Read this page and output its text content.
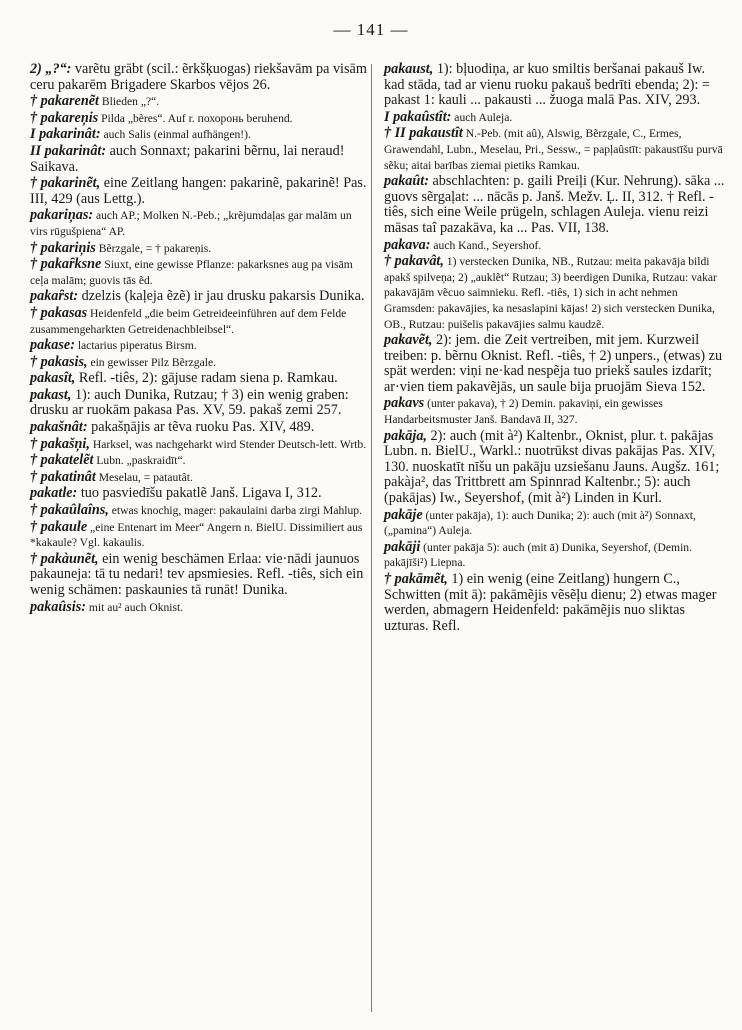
— 141 —
2) „?“: varẽtu grābt (scil.: ẽrkšķuogas) riekšavām pa visām ceru pakarēm Brigadere Skarbos vējos 26.
† pakarenẽt Blieden „?“.
† pakareņis Pilda „bẽres“. Auf r. похоронь beruhend.
I pakarinât: auch Salis (einmal aufhängen!).
II pakarinât: auch Sonnaxt; pakarini bẽrnu, lai neraud! Saikava.
† pakarinẽt, eine Zeitlang hangen: pakarinẽ, pakarinẽ! Pas. III, 429 (aus Lettg.).
pakariņas: auch AP.; Molken N.-Peb.; „krẽjumdaļas gar malām un virs rūgušpiena“ AP.
† pakariņis Bẽrzgale, = † pakareņis.
† pakaȓksne Siuxt, eine gewisse Pflanze: pakarksnes aug pa visām ceļa malām; guovis tās ẽd.
pakaȓst: dzelzis (kaļeja ẽzẽ) ir jau drusku pakarsis Dunika.
† pakasas Heidenfeld „die beim Getreideeinführen auf dem Felde zusammengeharkten Getreidenachbleibsel“.
pakase: lactarius piperatus Birsm.
† pakasis, ein gewisser Pilz Bẽrzgale.
pakasît, Refl. -tiês, 2): gājuse radam siena p. Ramkau.
pakast, 1): auch Dunika, Rutzau; † 3) ein wenig graben: drusku ar ruokām pakasa Pas. XV, 59. pakaš zemi 257.
pakašnât: pakašņājis ar tẽva ruoku Pas. XIV, 489.
† pakašņi, Harksel, was nachgeharkt wird Stender Deutsch-lett. Wrtb.
† pakatelẽt Lubn. „paskraidīt“.
† pakatinât Meselau, = patautât.
pakatle: tuo pasviedīšu pakatlẽ Janš. Ligava I, 312.
† pakaûlaîns, etwas knochig, mager: pakaulaini darba zirgi Mahlup.
† pakaule „eine Entenart im Meer“ Angern n. BielU. Dissimiliert aus *kakaule? Vgl. kakaulis.
† pakàunẽt, ein wenig beschämen Erlaa: vie·nādi jaunuos pakauneja: tā tu nedari! tev apsmiesies. Refl. -tiês, sich ein wenig schämen: paskaunies tā runāt! Dunika.
pakaûsis: mit au² auch Oknist.
pakaust, 1): bļuodiņa, ar kuo smiltis beršanai pakauš Iw. kad stāda, tad ar vienu ruoku pakauš bedrīti ebenda; 2): = pakast 1: kauli ... pakausti ... žuoga malā Pas. XIV, 293.
I pakaûstît: auch Auleja.
† II pakaustît N.-Peb. (mit aû), Alswig, Bẽrzgale, C., Ermes, Grawendahl, Lubn., Meselau, Pri., Sessw., = papļaûstīt: pakaustīšu purvā sẽku; aitai barības ziemai pietiks Ramkau.
pakaût: abschlachten: p. gaili Preiļi (Kur. Nehrung). sāka ... guovs sẽrgaļat: ... nācās p. Janš. Mežv. Ļ. II, 312. † Refl. -tiês, sich eine Weile prügeln, schlagen Auleja. vienu reizi māsas taî pazakāva, ka ... Pas. VII, 138.
pakava: auch Kand., Seyershof.
† pakavât, 1) verstecken Dunika, NB., Rutzau: meita pakavāja bildi apakš spilveņa; 2) „auklẽt“ Rutzau; 3) beerdigen Dunika, Rutzau: vakar pakavājām vẽcuo saimnieku. Refl. -tiês, 1) sich in acht nehmen Gramsden: pakavājies, ka nesaslapini kājas! 2) sich verstecken Dunika, OB., Rutzau: puišelis pakavājies salmu kaudzẽ.
pakavẽt, 2): jem. die Zeit vertreiben, mit jem. Kurzweil treiben: p. bẽrnu Oknist. Refl. -tiês, † 2) unpers., (etwas) zu spät werden: viņi ne·kad nespẽja tuo priekš saules izdarīt; ar·vien tiem pakavẽjās, un saule bija pruojām Sieva 152.
pakavs (unter pakava), † 2) Demin. pakaviņi, ein gewisses Handarbeitsmuster Janš. Bandavā II, 327.
pakāja, 2): auch (mit à²) Kaltenbr., Oknist, plur. t. pakājas Lubn. n. BielU., Warkl.: nuotrūkst divas pakājas Pas. XIV, 130. nuoskatīt nīšu un pakāju uzsiešanu Jauns. Augšz. 161; pakàja², das Trittbrett am Spinnrad Kaltenbr.; 5): auch (pakājas) Iw., Seyershof, (mit à²) Linden in Kurl.
pakāje (unter pakāja), 1): auch Dunika; 2): auch (mit à²) Sonnaxt, („pamina“) Auleja.
pakāji (unter pakāja 5): auch (mit ā) Dunika, Seyershof, (Demin. pakājīši²) Liepna.
† pakāmẽt, 1) ein wenig (eine Zeitlang) hungern C., Schwitten (mit ā): pakāmẽjis vẽsẽļu dienu; 2) etwas mager werden, abmagern Heidenfeld: pakāmẽjis nuo sliktas uzturas. Refl.
